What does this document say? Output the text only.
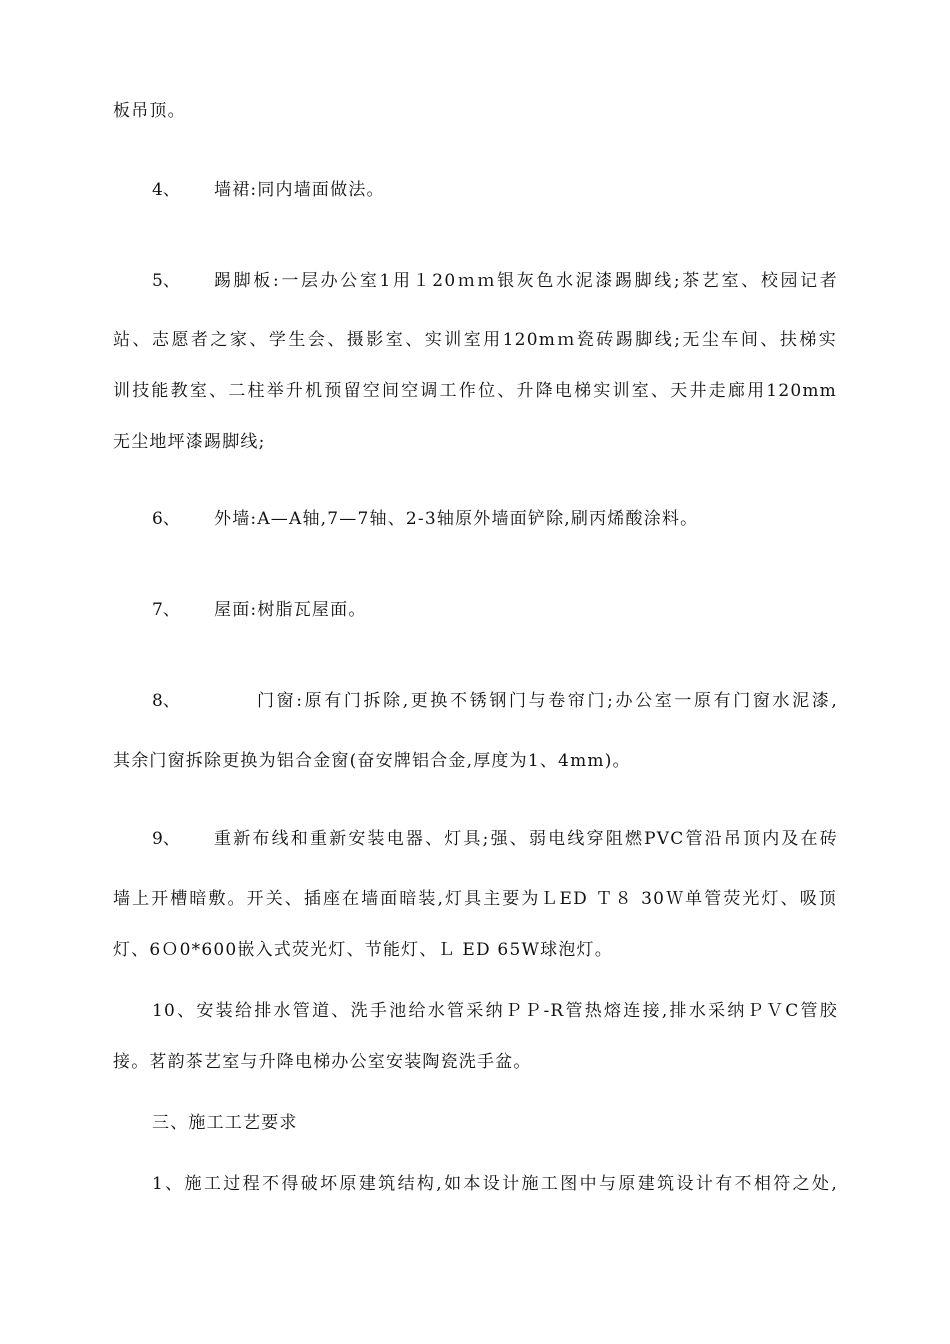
板吊顶。
4、 墙裙:同内墙面做法。
5、 踢脚板:一层办公室1用１20ｍｍ银灰色水泥漆踢脚线;茶艺室、校园记者
站、志愿者之家、学生会、摄影室、实训室用120mｍ瓷砖踢脚线;无尘车间、扶梯实
训技能教室、二柱举升机预留空间空调工作位、升降电梯实训室、天井走廊用120mm
无尘地坪漆踢脚线;
6、 外墙:A—A轴,7—7轴、2-3轴原外墙面铲除,刷丙烯酸涂料。
7、 屋面:树脂瓦屋面。
8、	门窗:原有门拆除,更换不锈钢门与卷帘门;办公室一原有门窗水泥漆,
其余门窗拆除更换为铝合金窗(奋安牌铝合金,厚度为1、4mm)。
9、 重新布线和重新安装电器、灯具;强、弱电线穿阻燃PVC管沿吊顶内及在砖
墙上开槽暗敷。开关、插座在墙面暗装,灯具主要为ＬED Ｔ８ 30Ｗ单管荧光灯、吸顶
灯、6Ｏ0*600嵌入式荧光灯、节能灯、Ｌ ED 65W球泡灯。
10、安装给排水管道、洗手池给水管采纳ＰＰ-R管热熔连接,排水采纳ＰＶC管胶
接。茗韵茶艺室与升降电梯办公室安装陶瓷洗手盆。
三、施工工艺要求
1、施工过程不得破坏原建筑结构,如本设计施工图中与原建筑设计有不相符之处,
